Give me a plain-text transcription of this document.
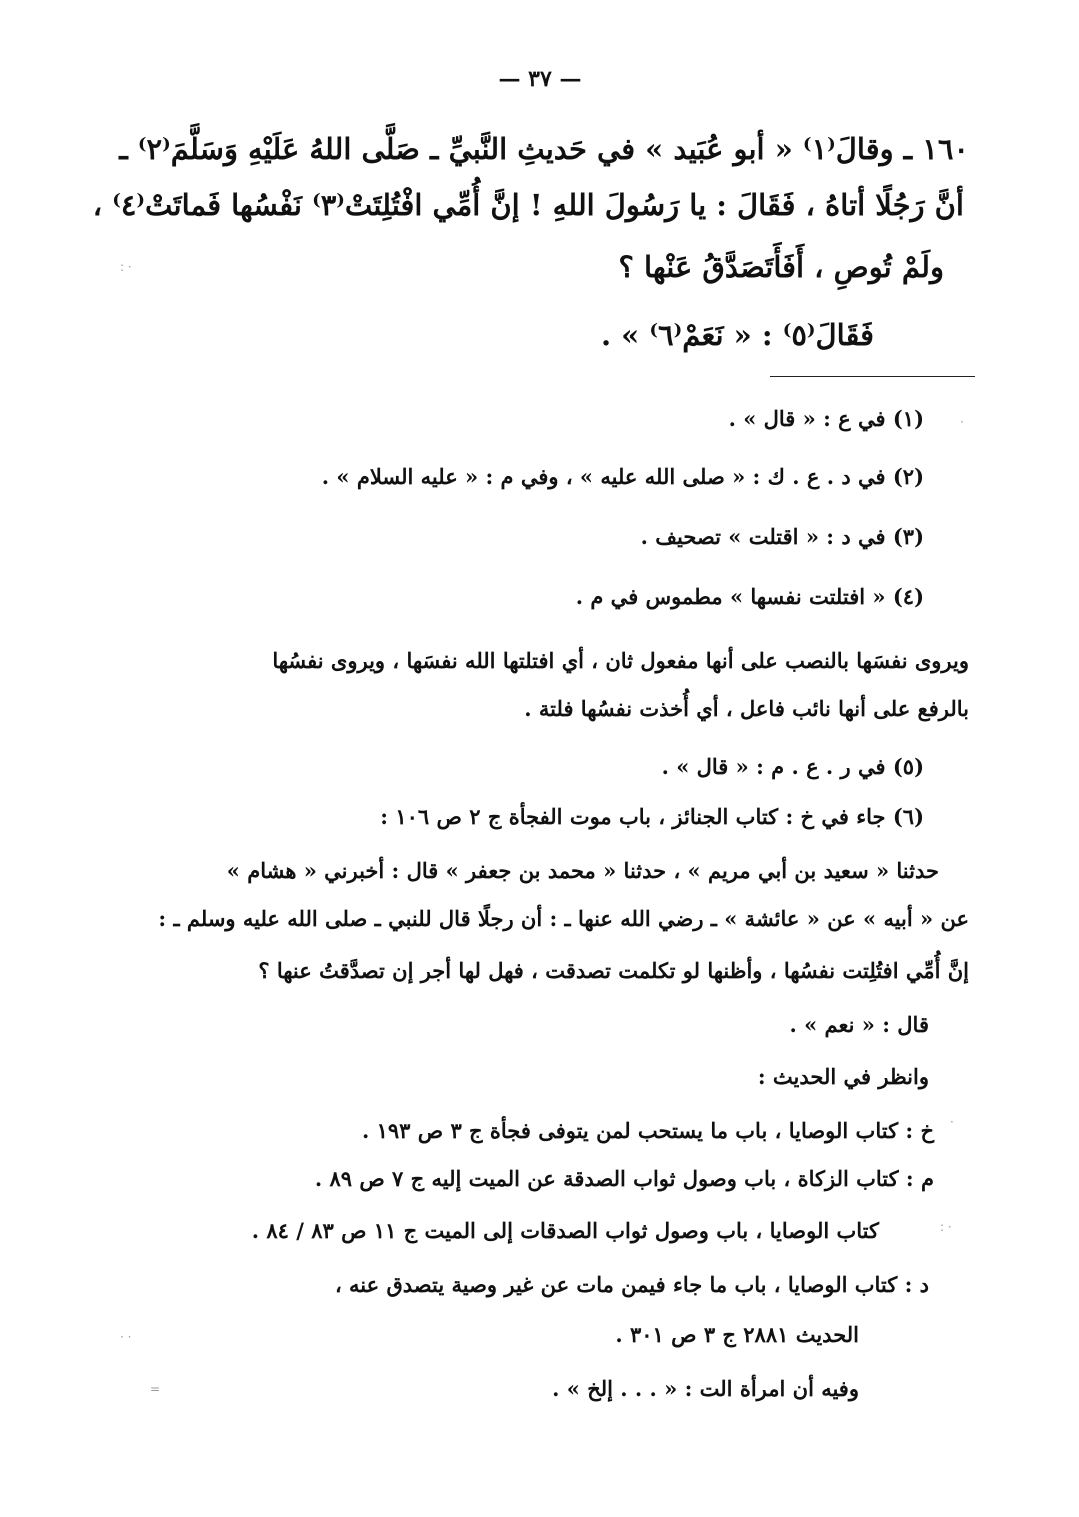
— ٣٧ —
١٦٠ ـ وقالَ⁽١⁾ « أبو عُبَيد » في حَديثِ النَّبيِّ ـ صَلَّى اللهُ عَلَيْهِ وَسَلَّمَ⁽٢⁾ ـ
أنَّ رَجُلًا أتاهُ ، فَقَالَ : يا رَسُولَ اللهِ ! إنَّ أُمِّي افْتُلِتَتْ⁽٣⁾ نَفْسُها فَماتَتْ⁽٤⁾ ،
ولَمْ تُوصِ ، أَفَأَتَصَدَّقُ عَنْها ؟
فَقَالَ⁽٥⁾ : « نَعَمْ⁽٦⁾ » .
(١) في ع : « قال » .
(٢) في د . ع . ك : « صلى الله عليه » ، وفي م : « عليه السلام » .
(٣) في د : « اقتلت » تصحيف .
(٤) « افتلتت نفسها » مطموس في م .
ويروى نفسَها بالنصب على أنها مفعول ثان ، أي افتلتها الله نفسَها ، ويروى نفسُها
بالرفع على أنها نائب فاعل ، أي أُخذت نفسُها فلتة .
(٥) في ر . ع . م : « قال » .
(٦) جاء في خ : كتاب الجنائز ، باب موت الفجأة ج ٢ ص ١٠٦ :
حدثنا « سعيد بن أبي مريم » ، حدثنا « محمد بن جعفر » قال : أخبرني « هشام »
عن « أبيه » عن « عائشة » ـ رضي الله عنها ـ : أن رجلًا قال للنبي ـ صلى الله عليه وسلم ـ :
إنَّ أُمِّي افتُلِتت نفسُها ، وأظنها لو تكلمت تصدقت ، فهل لها أجر إن تصدَّقتُ عنها ؟
قال : « نعم » .
وانظر في الحديث :
خ : كتاب الوصايا ، باب ما يستحب لمن يتوفى فجأة ج ٣ ص ١٩٣ .
م : كتاب الزكاة ، باب وصول ثواب الصدقة عن الميت إليه ج ٧ ص ٨٩ .
كتاب الوصايا ، باب وصول ثواب الصدقات إلى الميت ج ١١ ص ٨٣ / ٨٤ .
د : كتاب الوصايا ، باب ما جاء فيمن مات عن غير وصية يتصدق عنه ،
الحديث ٢٨٨١ ج ٣ ص ٣٠١ .
وفيه أن امرأة الت : « . . . إلخ » .
·
: ·
·
: ·
· ·
=
